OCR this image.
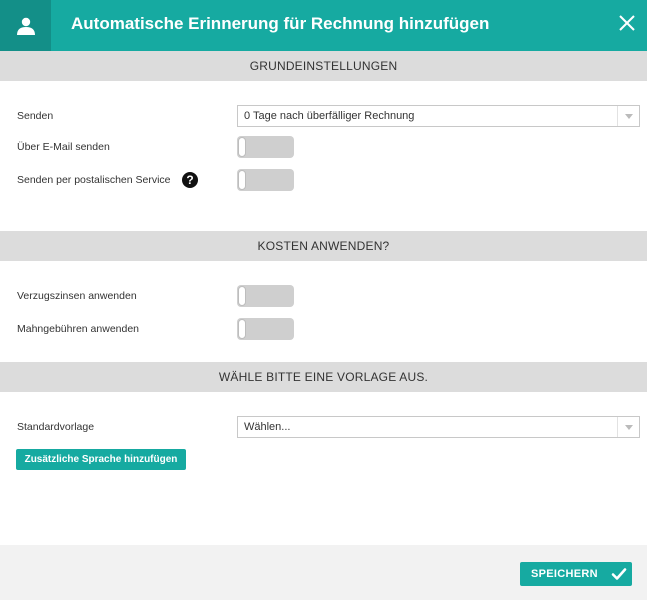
Automatische Erinnerung für Rechnung hinzufügen
GRUNDEINSTELLUNGEN
Senden	0 Tage nach überfälliger Rechnung
Über E-Mail senden
Senden per postalischen Service	?
KOSTEN ANWENDEN?
Verzugszinsen anwenden
Mahngebühren anwenden
WÄHLE BITTE EINE VORLAGE AUS.
Standardvorlage	Wählen...
Zusätzliche Sprache hinzufügen
SPEICHERN
